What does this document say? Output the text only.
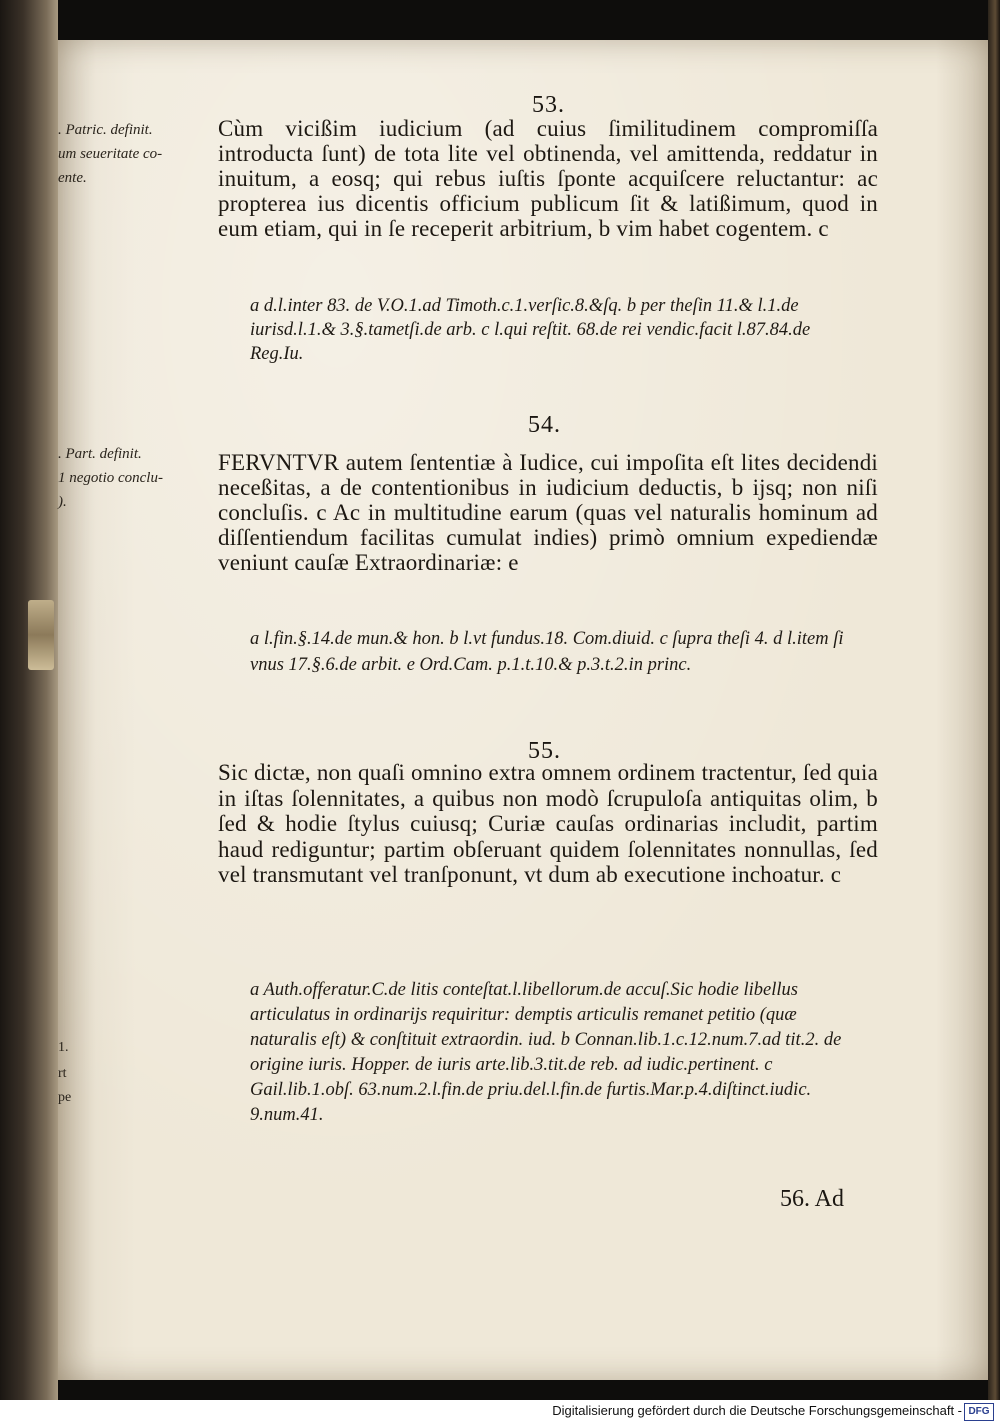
53.
. Patric. definit.
um seueritate co-
ente.
Cùm vicißim iudicium (ad cuius ſimilitudinem compromiſſa introducta ſunt) de tota lite vel obtinenda, vel amittenda, reddatur in inuitum, a eosq; qui rebus iuſtis ſponte acquiſcere reluctantur: ac propterea ius dicentis officium publicum ſit & latißimum, quod in eum etiam, qui in ſe receperit arbitrium, b vim habet cogentem. c
a d.l.inter 83. de V.O.1.ad Timoth.c.1.verſic.8.&ſq. b per theſin 11.& l.1.de iurisd.l.1.& 3.§.tametſi.de arb. c l.qui reſtit. 68.de rei vendic.facit l.87.84.de Reg.Iu.
54.
. Part. definit.
1 negotio conclu-
).
FERVNTVR autem ſententiæ à Iudice, cui impoſita eſt lites decidendi neceßitas, a de contentionibus in iudicium deductis, b ijsq; non niſi concluſis. c Ac in multitudine earum (quas vel naturalis hominum ad diſſentiendum facilitas cumulat indies) primò omnium expediendæ veniunt cauſæ Extraordinariæ: e
a l.fin.§.14.de mun.& hon. b l.vt fundus.18. Com.diuid. c ſupra theſi 4. d l.item ſi vnus 17.§.6.de arbit. e Ord.Cam. p.1.t.10.& p.3.t.2.in princ.
55.
Sic dictæ, non quaſi omnino extra omnem ordinem tractentur, ſed quia in iſtas ſolennitates, a quibus non modò ſcrupuloſa antiquitas olim, b ſed & hodie ſtylus cuiusq; Curiæ cauſas ordinarias includit, partim haud rediguntur; partim obſeruant quidem ſolennitates nonnullas, ſed vel transmutant vel tranſponunt, vt dum ab executione inchoatur. c
a Auth.offeratur.C.de litis conteſtat.l.libellorum.de accuſ.Sic hodie libellus articulatus in ordinarijs requiritur: demptis articulis remanet petitio (quæ naturalis eſt) & conſtituit extraordin. iud. b Connan.lib.1.c.12.num.7.ad tit.2. de origine iuris. Hopper. de iuris arte.lib.3.tit.de reb. ad iudic.pertinent. c Gail.lib.1.obſ. 63.num.2.l.fin.de priu.del.l.fin.de furtis.Mar.p.4.diſtinct.iudic. 9.num.41.
1.
rt
pe
56. Ad
Digitalisierung gefördert durch die Deutsche Forschungsgemeinschaft - DFG
